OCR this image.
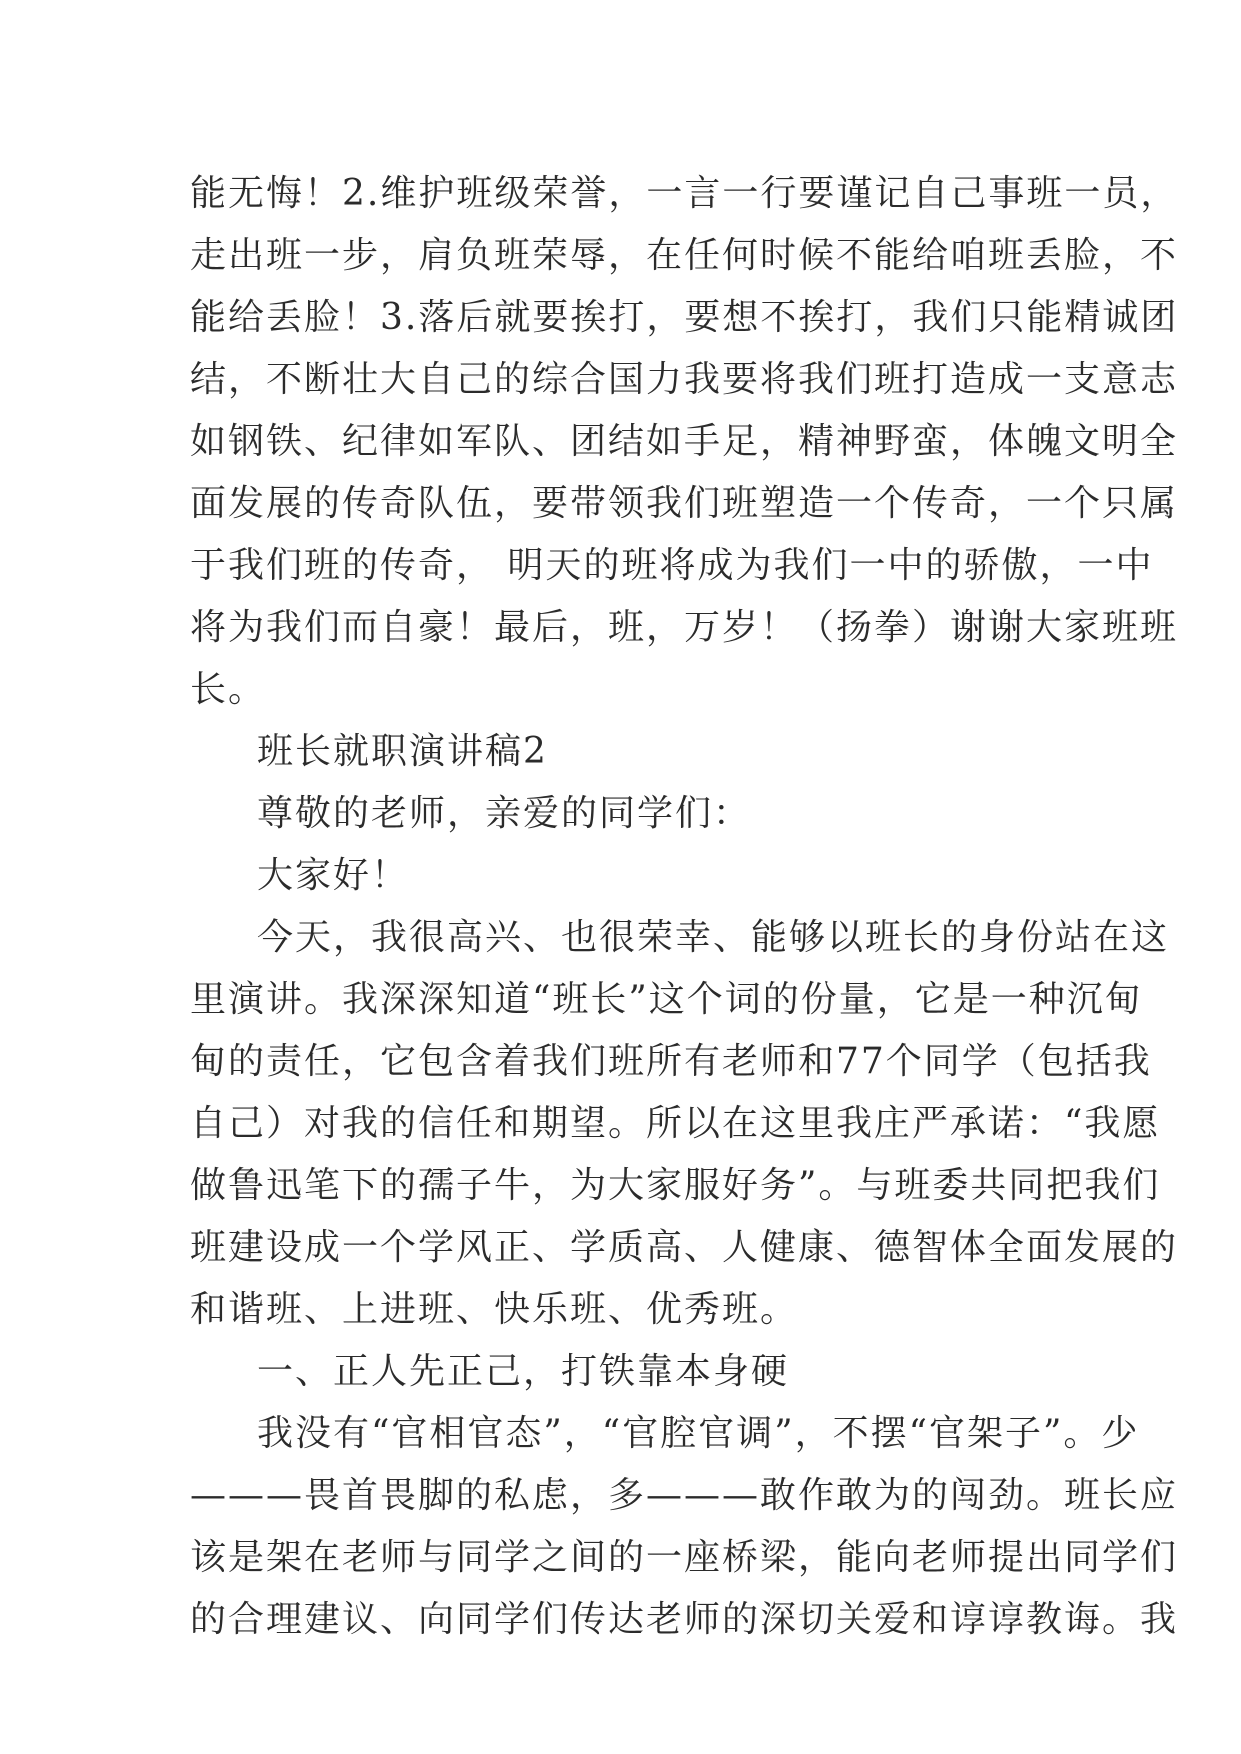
能无悔！2.维护班级荣誉，一言一行要谨记自己事班一员，
走出班一步，肩负班荣辱，在任何时候不能给咱班丢脸，不
能给丢脸！3.落后就要挨打，要想不挨打，我们只能精诚团
结，不断壮大自己的综合国力我要将我们班打造成一支意志
如钢铁、纪律如军队、团结如手足，精神野蛮，体魄文明全
面发展的传奇队伍，要带领我们班塑造一个传奇，一个只属
于我们班的传奇， 明天的班将成为我们一中的骄傲，一中
将为我们而自豪！最后，班，万岁！（扬拳）谢谢大家班班
长。
班长就职演讲稿2
尊敬的老师，亲爱的同学们：
大家好！
今天，我很高兴、也很荣幸、能够以班长的身份站在这
里演讲。我深深知道“班长”这个词的份量，它是一种沉甸
甸的责任，它包含着我们班所有老师和77个同学（包括我
自己）对我的信任和期望。所以在这里我庄严承诺：“我愿
做鲁迅笔下的孺子牛，为大家服好务”。与班委共同把我们
班建设成一个学风正、学质高、人健康、德智体全面发展的
和谐班、上进班、快乐班、优秀班。
一、正人先正己，打铁靠本身硬
我没有“官相官态”，“官腔官调”，不摆“官架子”。少
———畏首畏脚的私虑，多———敢作敢为的闯劲。班长应
该是架在老师与同学之间的一座桥梁，能向老师提出同学们
的合理建议、向同学们传达老师的深切关爱和谆谆教诲。我
